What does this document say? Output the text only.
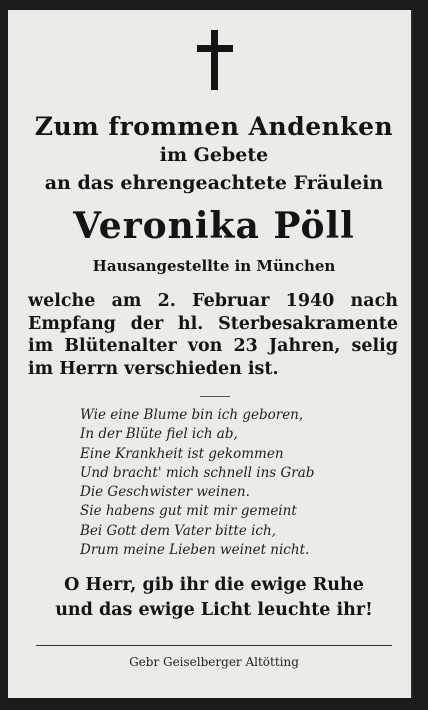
Zum frommen Andenken
im Gebete
an das ehrengeachtete Fräulein
Veronika Pöll
Hausangestellte in München
welche am 2. Februar 1940 nach
Empfang der hl. Sterbesakramente
im Blütenalter von 23 Jahren, selig
im Herrn verschieden ist.
Wie eine Blume bin ich geboren,
In der Blüte fiel ich ab,
Eine Krankheit ist gekommen
Und bracht' mich schnell ins Grab
Die Geschwister weinen.
Sie habens gut mit mir gemeint
Bei Gott dem Vater bitte ich,
Drum meine Lieben weinet nicht.
O Herr, gib ihr die ewige Ruhe
und das ewige Licht leuchte ihr!
Gebr Geiselberger Altötting
